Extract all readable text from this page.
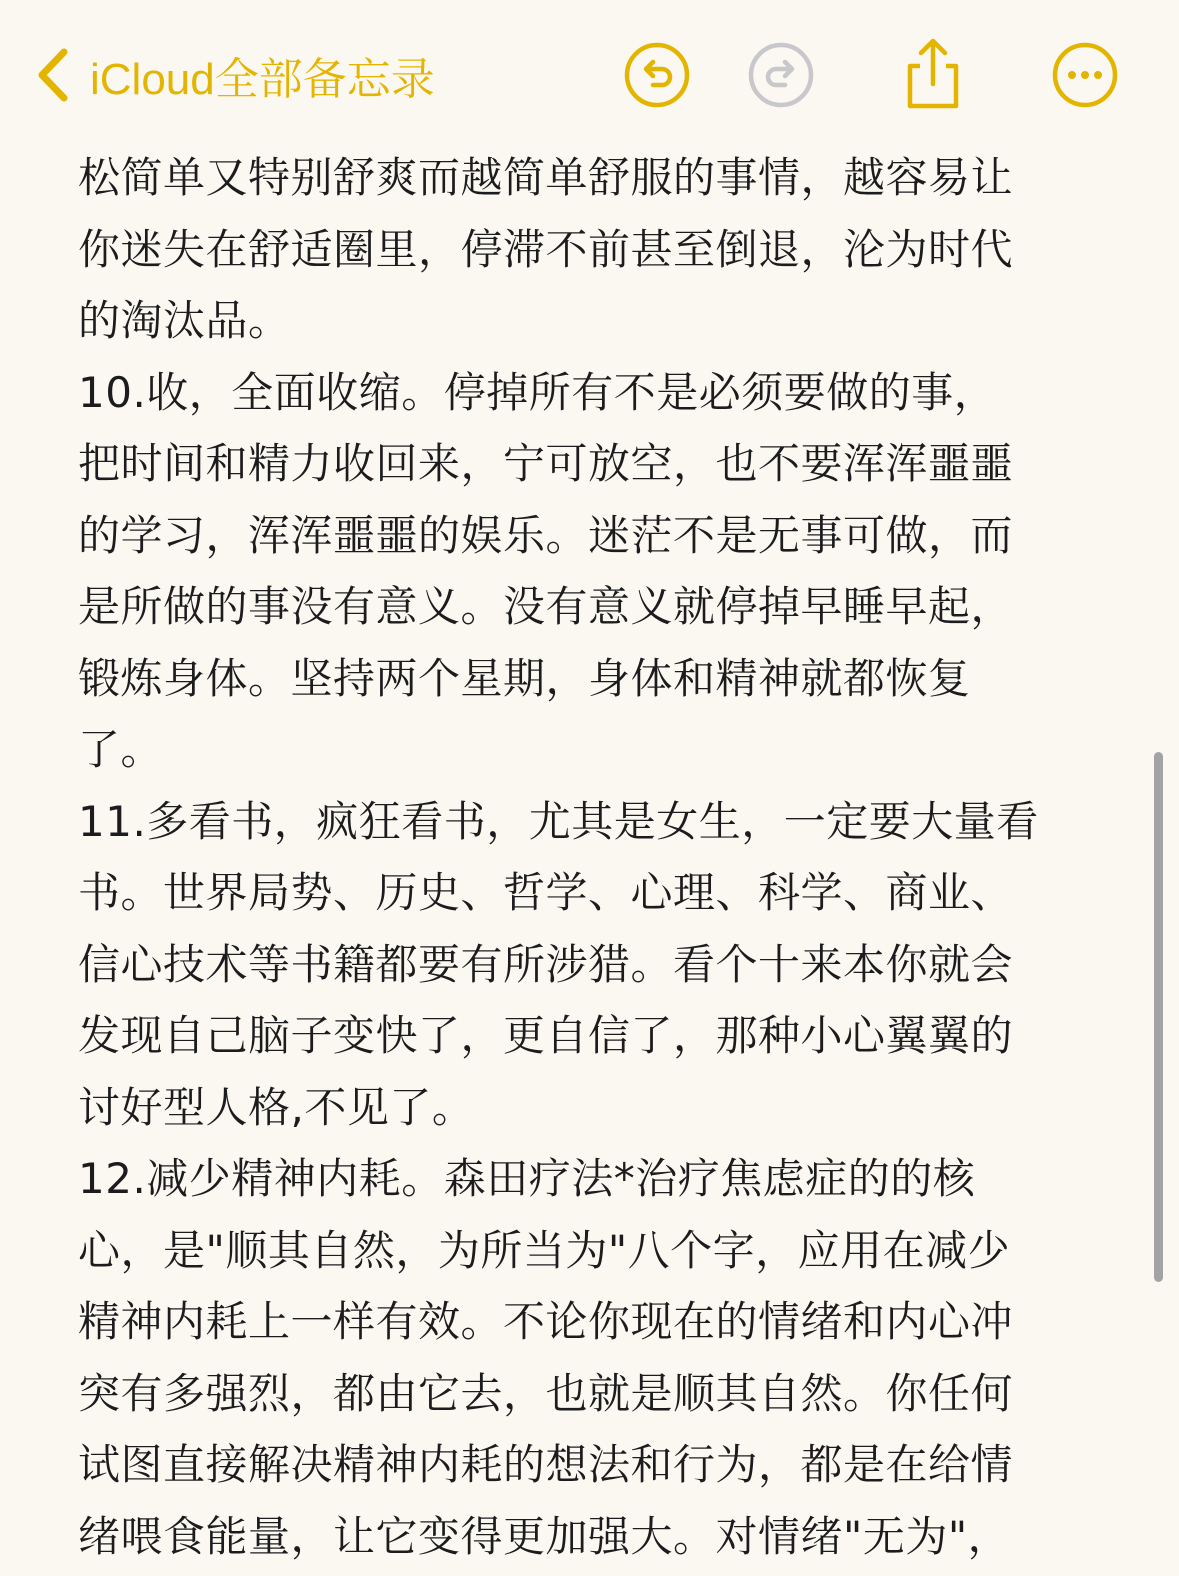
松简单又特别舒爽而越简单舒服的事情，越容易让
你迷失在舒适圈里，停滞不前甚至倒退，沦为时代
的淘汰品。
10.收，全面收缩。停掉所有不是必须要做的事，
把时间和精力收回来，宁可放空，也不要浑浑噩噩
的学习，浑浑噩噩的娱乐。迷茫不是无事可做，而
是所做的事没有意义。没有意义就停掉早睡早起，
锻炼身体。坚持两个星期，身体和精神就都恢复
了。
11.多看书，疯狂看书，尤其是女生，一定要大量看
书。世界局势、历史、哲学、心理、科学、商业、
信心技术等书籍都要有所涉猎。看个十来本你就会
发现自己脑子变快了，更自信了，那种小心翼翼的
讨好型人格,不见了。
12.减少精神内耗。森田疗法*治疗焦虑症的的核
心，是"顺其自然，为所当为"八个字，应用在减少
精神内耗上一样有效。不论你现在的情绪和内心冲
突有多强烈，都由它去，也就是顺其自然。你任何
试图直接解决精神内耗的想法和行为，都是在给情
绪喂食能量，让它变得更加强大。对情绪"无为"，
iCloud全部备忘录
